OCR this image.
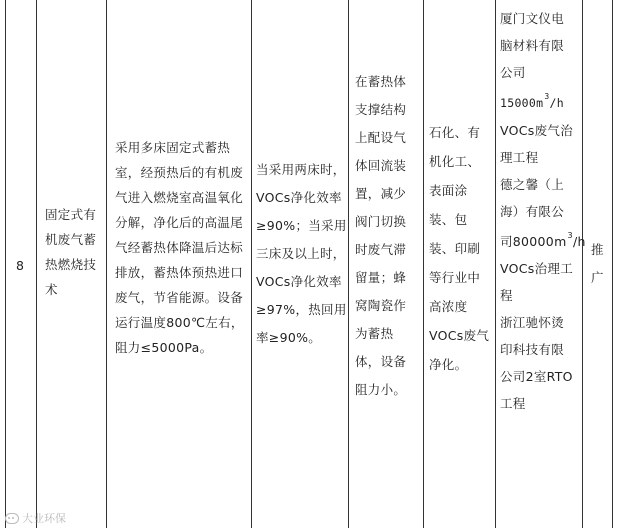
8
固定式有
机废气蓄
热燃烧技
术
采用多床固定式蓄热
室，经预热后的有机废
气进入燃烧室高温氧化
分解，净化后的高温尾
气经蓄热体降温后达标
排放，蓄热体预热进口
废气，节省能源。设备
运行温度800℃左右，
阻力≤5000Pa。
当采用两床时，
VOCs净化效率
≥90%；当采用
三床及以上时，
VOCs净化效率
≥97%，热回用
率≥90%。
在蓄热体
支撑结构
上配设气
体回流装
置，减少
阀门切换
时废气滞
留量；蜂
窝陶瓷作
为蓄热
体，设备
阻力小。
石化、有
机化工、
表面涂
装、包
装、印刷
等行业中
高浓度
VOCs废气
净化。
厦门文仪电
脑材料有限
公司
$15000m^3/h$
VOCs废气治
理工程
德之馨（上
海）有限公
司$80000m^3/h$
VOCs治理工
程
浙江驰怀烫
印科技有限
公司2室RTO
工程
推
广
大业环保
